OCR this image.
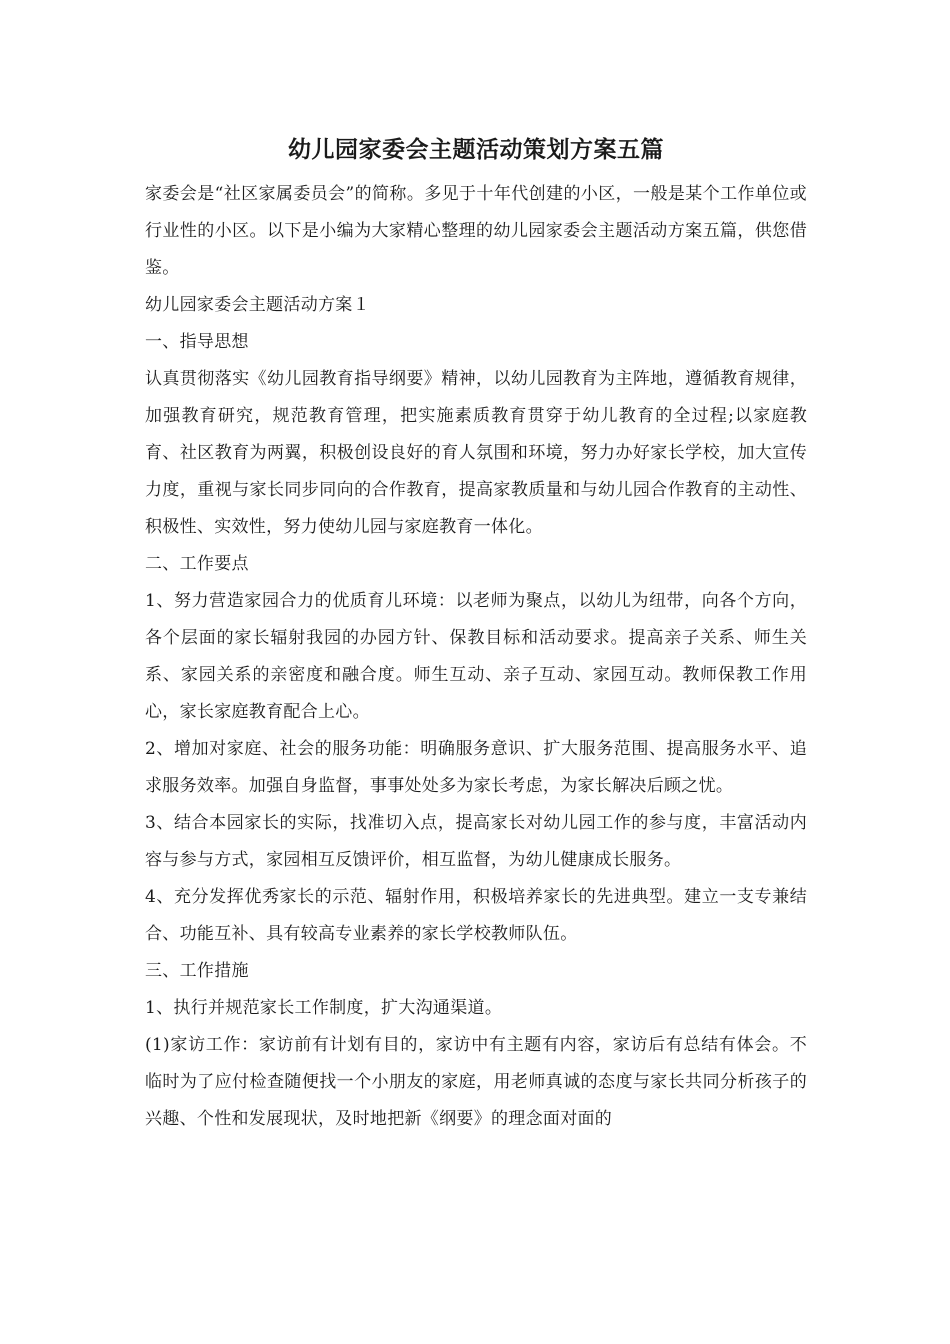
幼儿园家委会主题活动策划方案五篇

家委会是“社区家属委员会”的简称。多见于十年代创建的小区，一般是某个工作单位或行业性的小区。以下是小编为大家精心整理的幼儿园家委会主题活动方案五篇，供您借鉴。

幼儿园家委会主题活动方案１

一、指导思想

认真贯彻落实《幼儿园教育指导纲要》精神，以幼儿园教育为主阵地，遵循教育规律，加强教育研究，规范教育管理，把实施素质教育贯穿于幼儿教育的全过程;以家庭教育、社区教育为两翼，积极创设良好的育人氛围和环境，努力办好家长学校，加大宣传力度，重视与家长同步同向的合作教育，提高家教质量和与幼儿园合作教育的主动性、积极性、实效性，努力使幼儿园与家庭教育一体化。

二、工作要点

1、努力营造家园合力的优质育儿环境：以老师为聚点，以幼儿为纽带，向各个方向，各个层面的家长辐射我园的办园方针、保教目标和活动要求。提高亲子关系、师生关系、家园关系的亲密度和融合度。师生互动、亲子互动、家园互动。教师保教工作用心，家长家庭教育配合上心。

2、增加对家庭、社会的服务功能：明确服务意识、扩大服务范围、提高服务水平、追求服务效率。加强自身监督，事事处处多为家长考虑，为家长解决后顾之忧。

3、结合本园家长的实际，找准切入点，提高家长对幼儿园工作的参与度，丰富活动内容与参与方式，家园相互反馈评价，相互监督，为幼儿健康成长服务。

4、充分发挥优秀家长的示范、辐射作用，积极培养家长的先进典型。建立一支专兼结合、功能互补、具有较高专业素养的家长学校教师队伍。

三、工作措施

1、执行并规范家长工作制度，扩大沟通渠道。

(1)家访工作：家访前有计划有目的，家访中有主题有内容，家访后有总结有体会。不临时为了应付检查随便找一个小朋友的家庭，用老师真诚的态度与家长共同分析孩子的兴趣、个性和发展现状，及时地把新《纲要》的理念面对面的
